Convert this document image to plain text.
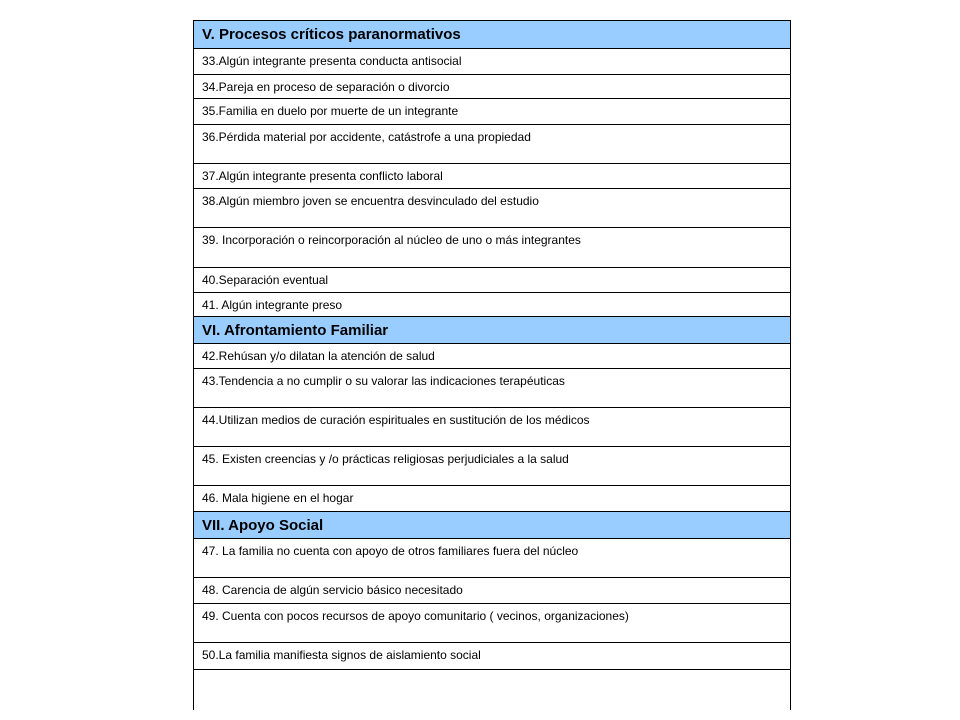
V. Procesos críticos paranormativos
33.Algún integrante presenta conducta antisocial
34.Pareja en proceso de separación o divorcio
35.Familia en duelo por muerte de un integrante
36.Pérdida material por accidente, catástrofe a una propiedad
37.Algún integrante presenta conflicto laboral
38.Algún miembro joven se encuentra desvinculado del estudio
39. Incorporación o reincorporación al núcleo de uno o más integrantes
40.Separación eventual
41. Algún integrante preso
VI. Afrontamiento Familiar
42.Rehúsan y/o dilatan la atención de salud
43.Tendencia a no cumplir o su valorar las indicaciones terapéuticas
44.Utilizan medios de curación espirituales en sustitución de los médicos
45. Existen creencias y /o prácticas religiosas perjudiciales a la salud
46. Mala higiene en el hogar
VII. Apoyo Social
47. La familia no cuenta con apoyo de otros familiares fuera del núcleo
48. Carencia de algún servicio básico necesitado
49. Cuenta con pocos recursos de apoyo comunitario ( vecinos, organizaciones)
50.La familia manifiesta signos de aislamiento social
